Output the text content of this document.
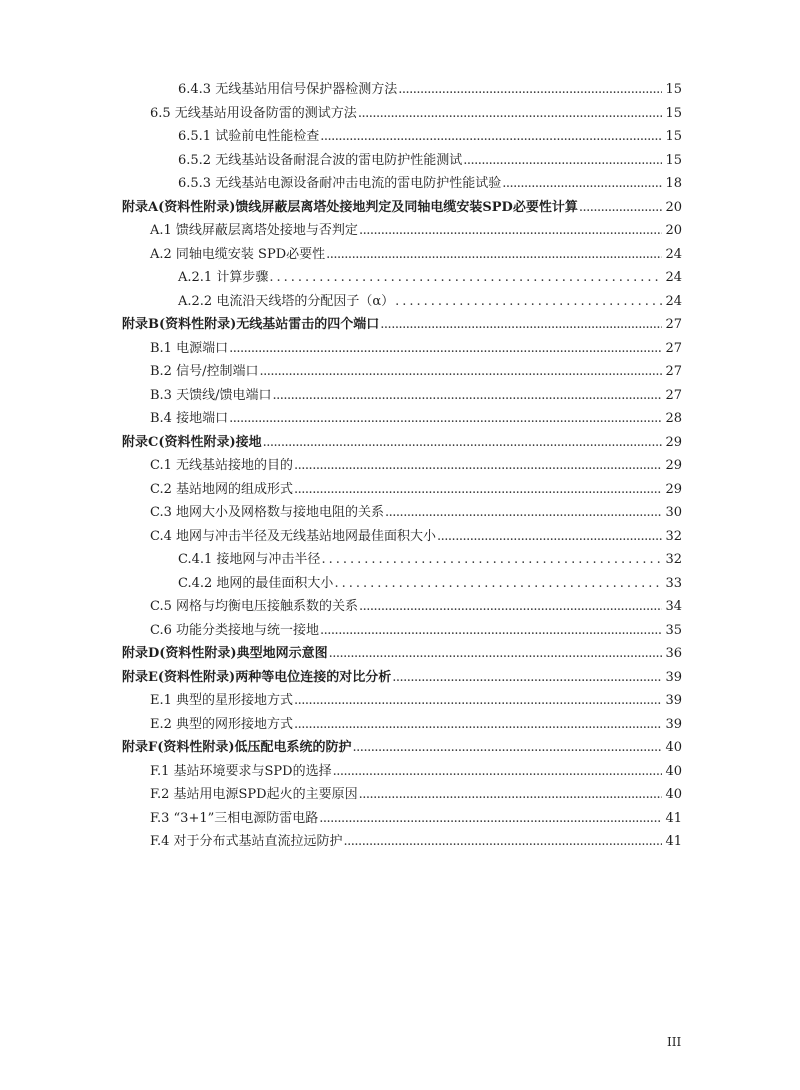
6.4.3 无线基站用信号保护器检测方法 .....	15
6.5 无线基站用设备防雷的测试方法 .....	15
6.5.1 试验前电性能检查 .....	15
6.5.2 无线基站设备耐混合波的雷电防护性能测试 .....	15
6.5.3 无线基站电源设备耐冲击电流的雷电防护性能试验 .....	18
附录A(资料性附录)馈线屏蔽层离塔处接地判定及同轴电缆安装SPD必要性计算 .....	20
A.1 馈线屏蔽层离塔处接地与否判定 .....	20
A.2 同轴电缆安装 SPD必要性 .....	24
A.2.1 计算步骤 .....	24
A.2.2 电流沿天线塔的分配因子（α） .....	24
附录B(资料性附录)无线基站雷击的四个端口 .....	27
B.1 电源端口 .....	27
B.2 信号/控制端口 .....	27
B.3 天馈线/馈电端口 .....	27
B.4 接地端口 .....	28
附录C(资料性附录)接地 .....	29
C.1 无线基站接地的目的 .....	29
C.2 基站地网的组成形式 .....	29
C.3 地网大小及网格数与接地电阻的关系 .....	30
C.4 地网与冲击半径及无线基站地网最佳面积大小 .....	32
C.4.1 接地网与冲击半径 .....	32
C.4.2 地网的最佳面积大小 .....	33
C.5 网格与均衡电压接触系数的关系 .....	34
C.6 功能分类接地与统一接地 .....	35
附录D(资料性附录)典型地网示意图 .....	36
附录E(资料性附录)两种等电位连接的对比分析 .....	39
E.1 典型的星形接地方式 .....	39
E.2 典型的网形接地方式 .....	39
附录F(资料性附录)低压配电系统的防护 .....	40
F.1 基站环境要求与SPD的选择 .....	40
F.2 基站用电源SPD起火的主要原因 .....	40
F.3 “3+1”三相电源防雷电路 .....	41
F.4 对于分布式基站直流拉远防护 .....	41
III
